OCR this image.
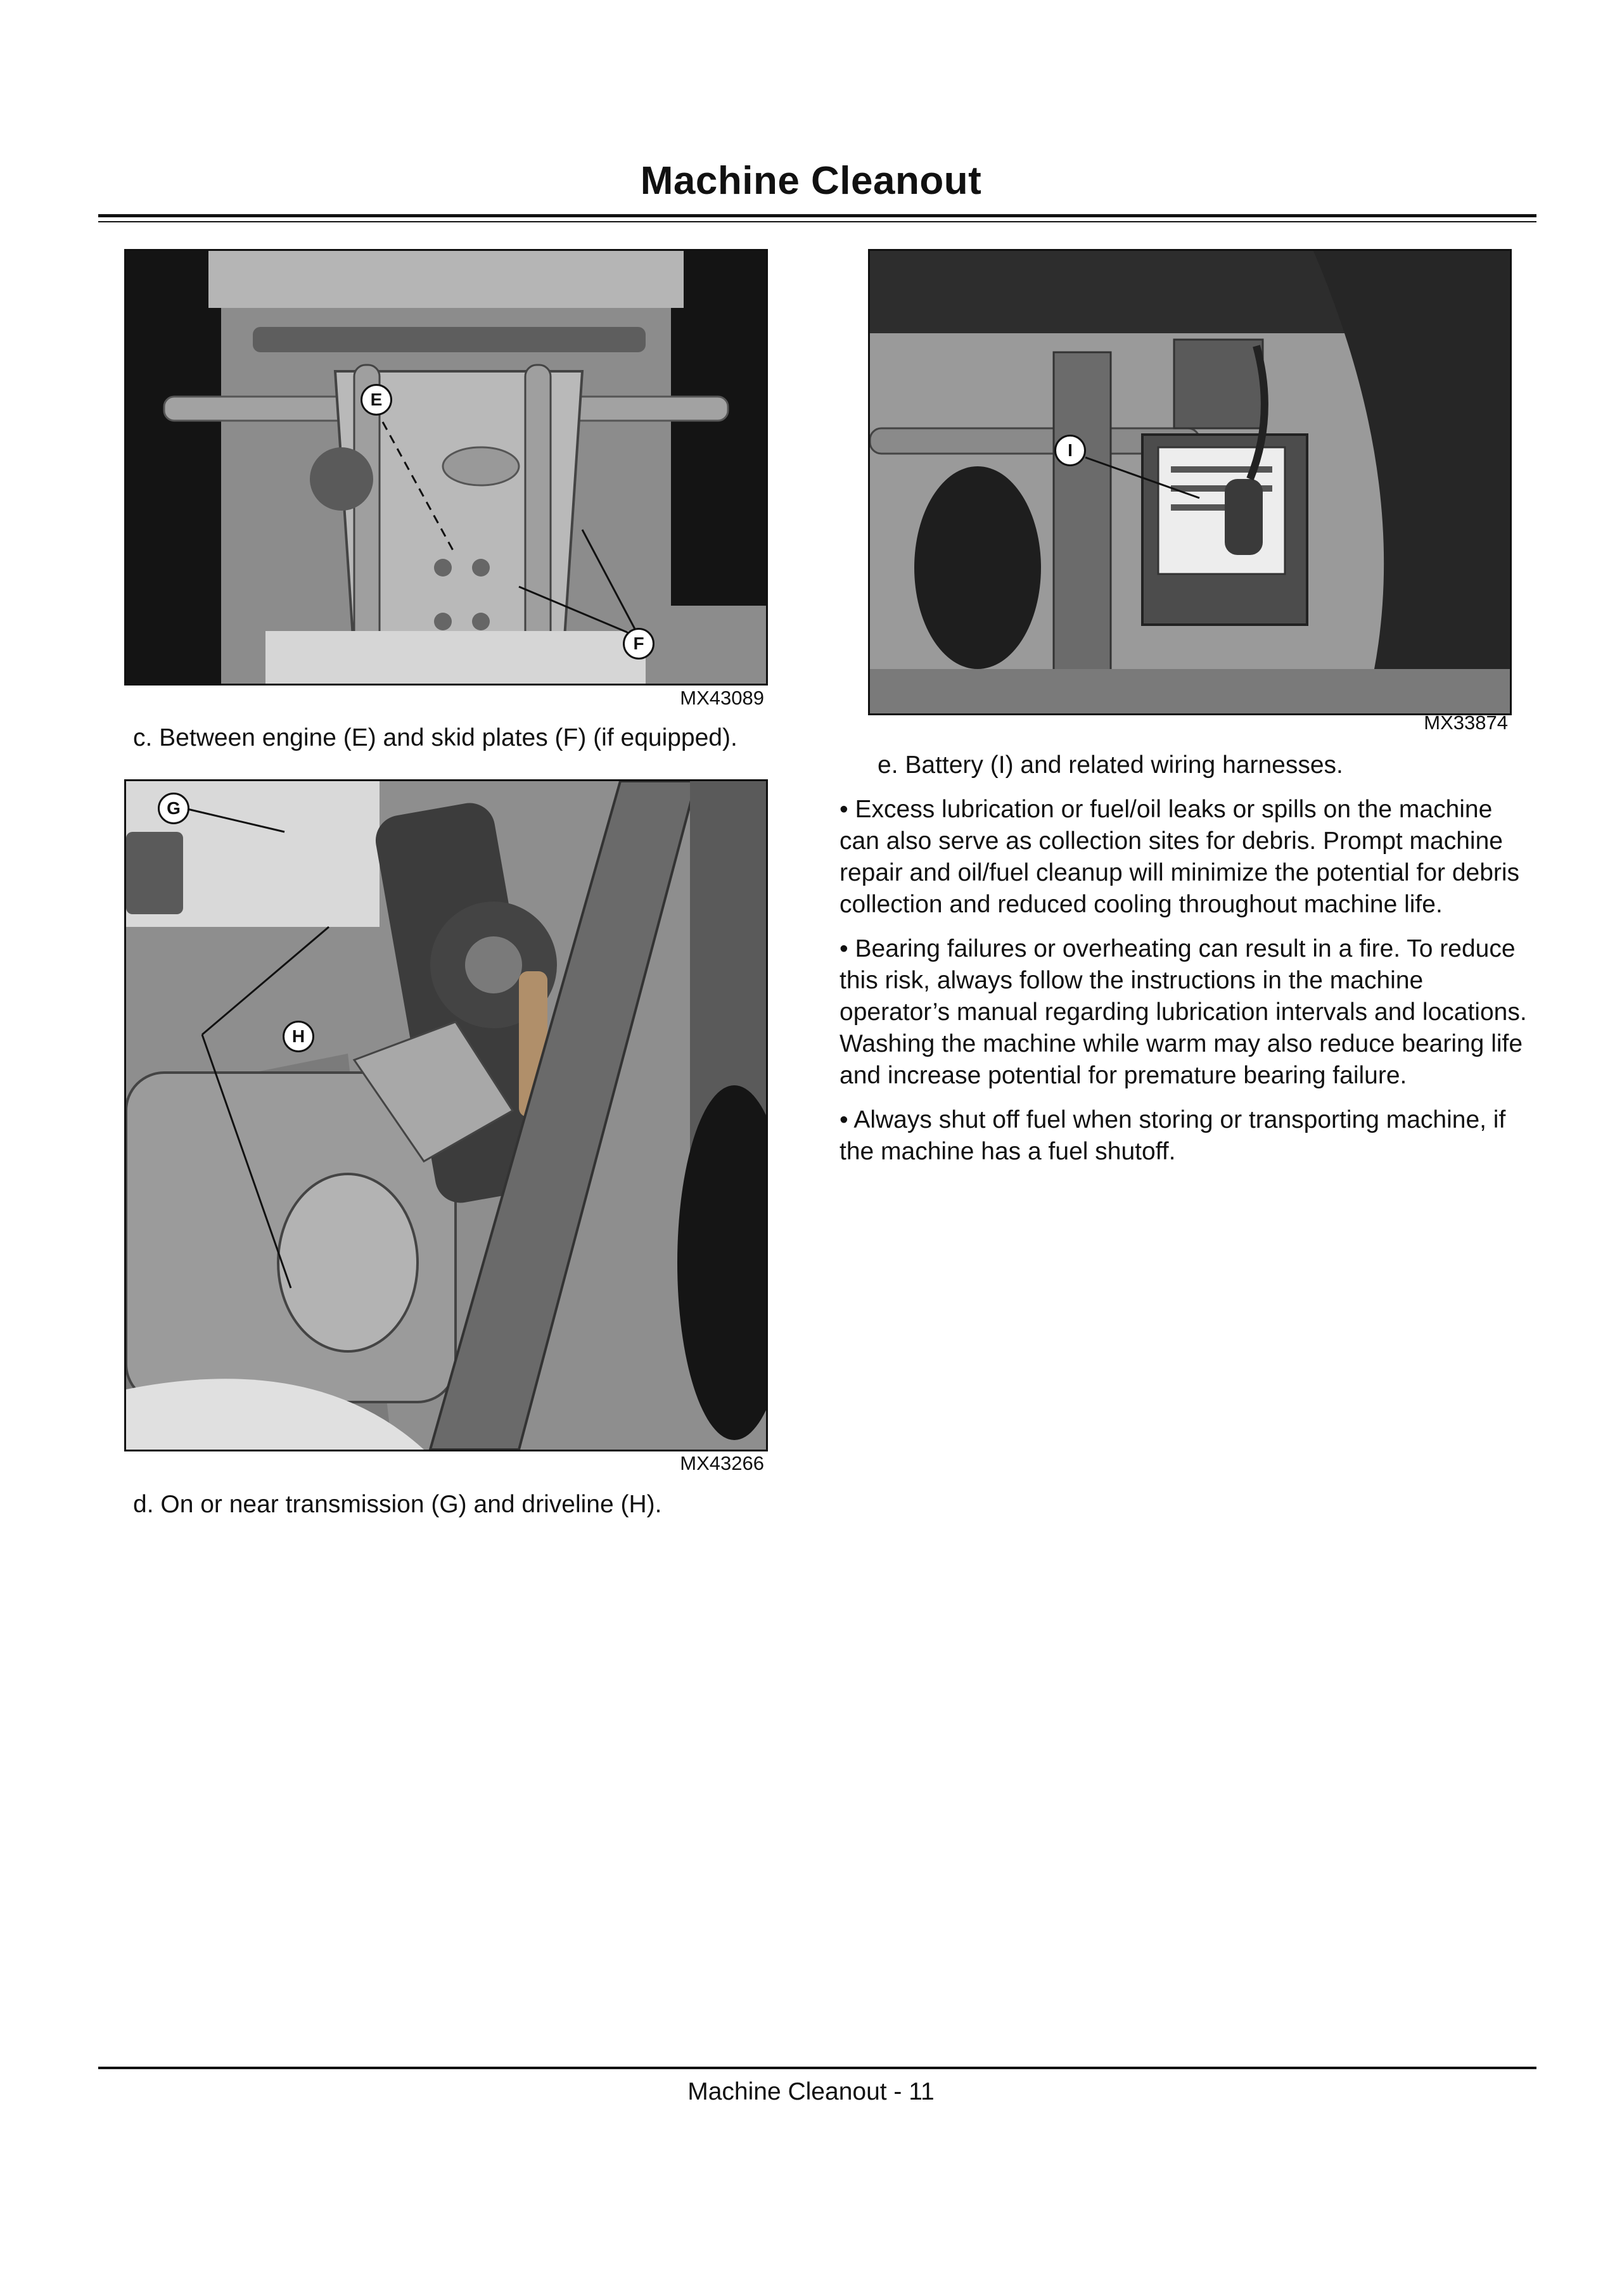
Machine Cleanout
E
F
MX43089
c. Between engine (E) and skid plates (F) (if equipped).
G
H
MX43266
d. On or near transmission (G) and driveline (H).
I
MX33874
e. Battery (I) and related wiring harnesses.

• Excess lubrication or fuel/oil leaks or spills on the machine can also serve as collection sites for debris. Prompt machine repair and oil/fuel cleanup will minimize the potential for debris collection and reduced cooling throughout machine life.

• Bearing failures or overheating can result in a fire. To reduce this risk, always follow the instructions in the machine operator’s manual regarding lubrication intervals and locations. Washing the machine while warm may also reduce bearing life and increase potential for premature bearing failure.

• Always shut off fuel when storing or transporting machine, if the machine has a fuel shutoff.

Machine Cleanout - 11
